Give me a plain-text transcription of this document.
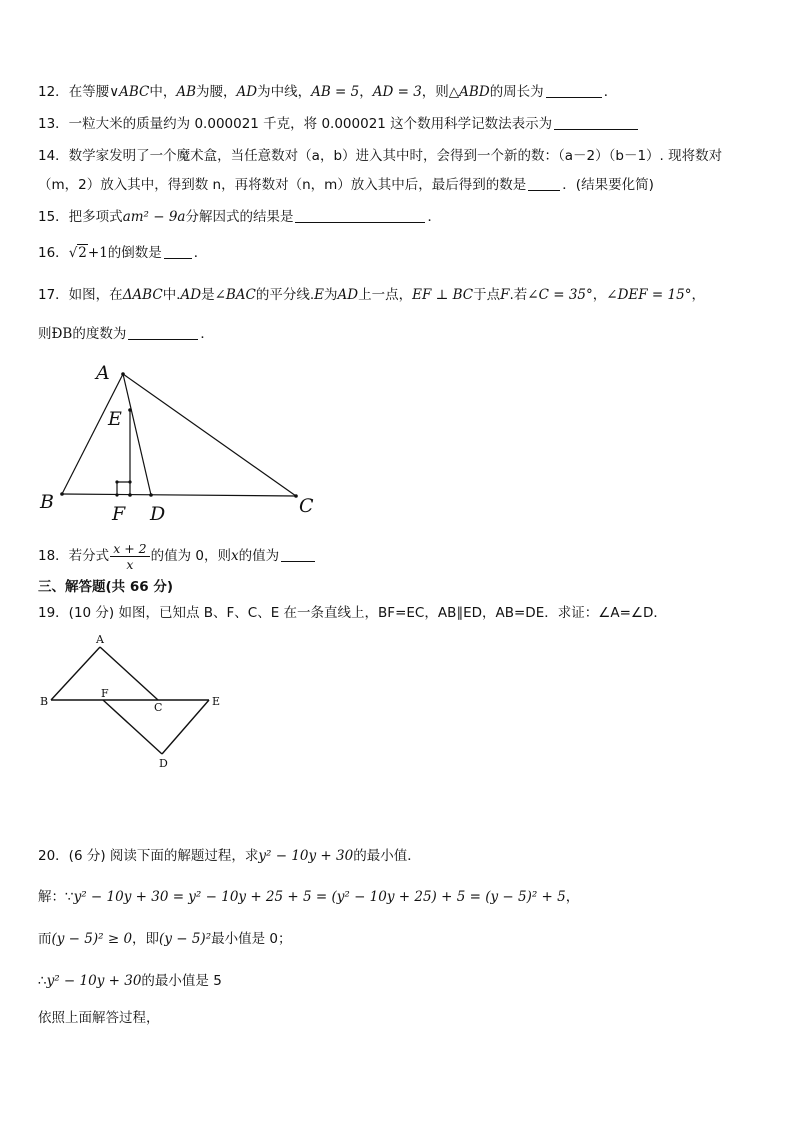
12．在等腰∨ABC中，AB为腰，AD为中线，AB = 5，AD = 3，则△ABD的周长为	．
13．一粒大米的质量约为 0.000021 千克，将 0.000021 这个数用科学记数法表示为
14．数学家发明了一个魔术盒，当任意数对（a，b）进入其中时，会得到一个新的数：（a－2）（b－1）. 现将数对
（m，2）放入其中，得到数 n，再将数对（n，m）放入其中后，最后得到的数是	．(结果要化简)
15．把多项式am² − 9a分解因式的结果是	．
16．√2+1的倒数是 ．
17．如图，在ΔABC中.AD是∠BAC的平分线.E为AD上一点，EF ⊥ BC于点F.若∠C = 35°，∠DEF = 15°，
则ÐB的度数为	．
A
B	C
D
E
F
18．若分式 $\frac{x + 2}{x}$ 的值为 0，则x的值为
三、解答题(共 66 分)
19．(10 分) 如图，已知点 B、F、C、E 在一条直线上，BF=EC，AB∥ED，AB=DE．求证：∠A=∠D．
A
B
F
C	E
D
20．(6 分) 阅读下面的解题过程，求y² − 10y + 30的最小值．
解：∵y² − 10y + 30 = y² − 10y + 25 + 5 = (y² − 10y + 25) + 5 = (y − 5)² + 5，
而(y − 5)² ≥ 0，即(y − 5)²最小值是 0；
∴y² − 10y + 30的最小值是 5
依照上面解答过程，
